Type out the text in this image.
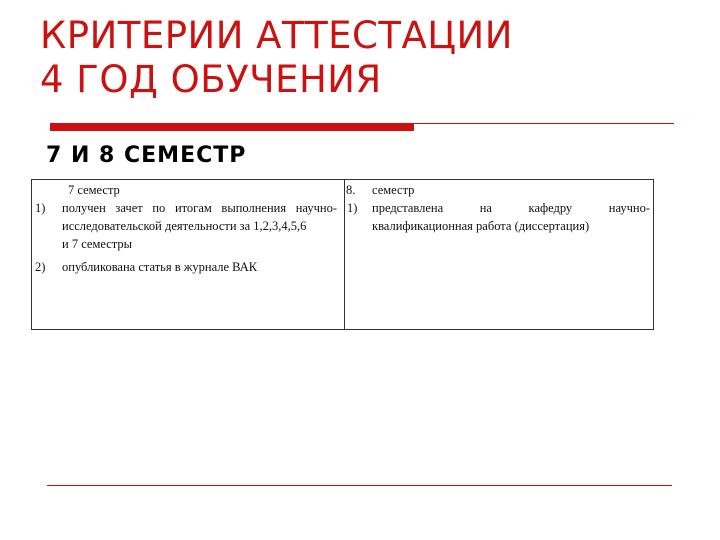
КРИТЕРИИ АТТЕСТАЦИИ
4 ГОД ОБУЧЕНИЯ
7 И 8 СЕМЕСТР
7 семестр	8. семестр
1) получен зачет по итогам выполнения научно-
исследовательской деятельности за 1,2,3,4,5,6
и 7 семестры
2) опубликована статья в журнале ВАК
1) представлена на кафедру научно-
квалификационная работа (диссертация)
